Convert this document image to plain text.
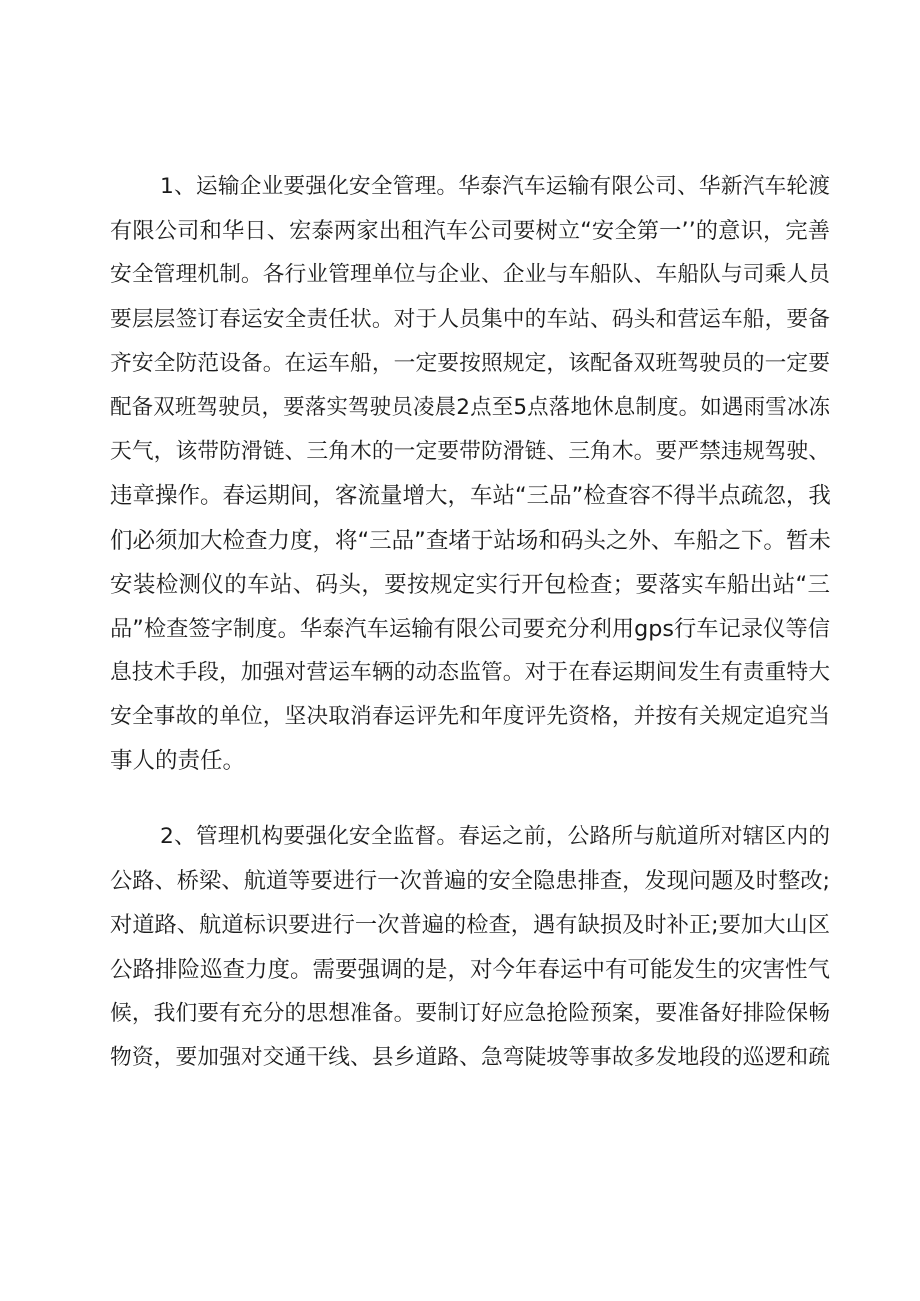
1、运输企业要强化安全管理。华泰汽车运输有限公司、华新汽车轮渡
有限公司和华日、宏泰两家出租汽车公司要树立“安全第一’’的意识，完善
安全管理机制。各行业管理单位与企业、企业与车船队、车船队与司乘人员
要层层签订春运安全责任状。对于人员集中的车站、码头和营运车船，要备
齐安全防范设备。在运车船，一定要按照规定，该配备双班驾驶员的一定要
配备双班驾驶员，要落实驾驶员凌晨2点至5点落地休息制度。如遇雨雪冰冻
天气，该带防滑链、三角木的一定要带防滑链、三角木。要严禁违规驾驶、
违章操作。春运期间，客流量增大，车站“三品”检查容不得半点疏忽，我
们必须加大检查力度，将“三品”查堵于站场和码头之外、车船之下。暂未
安装检测仪的车站、码头，要按规定实行开包检查；要落实车船出站“三
品”检查签字制度。华泰汽车运输有限公司要充分利用gps行车记录仪等信
息技术手段，加强对营运车辆的动态监管。对于在春运期间发生有责重特大
安全事故的单位，坚决取消春运评先和年度评先资格，并按有关规定追究当
事人的责任。
2、管理机构要强化安全监督。春运之前，公路所与航道所对辖区内的
公路、桥梁、航道等要进行一次普遍的安全隐患排查，发现问题及时整改;
对道路、航道标识要进行一次普遍的检查，遇有缺损及时补正;要加大山区
公路排险巡查力度。需要强调的是，对今年春运中有可能发生的灾害性气
候，我们要有充分的思想准备。要制订好应急抢险预案，要准备好排险保畅
物资，要加强对交通干线、县乡道路、急弯陡坡等事故多发地段的巡逻和疏
